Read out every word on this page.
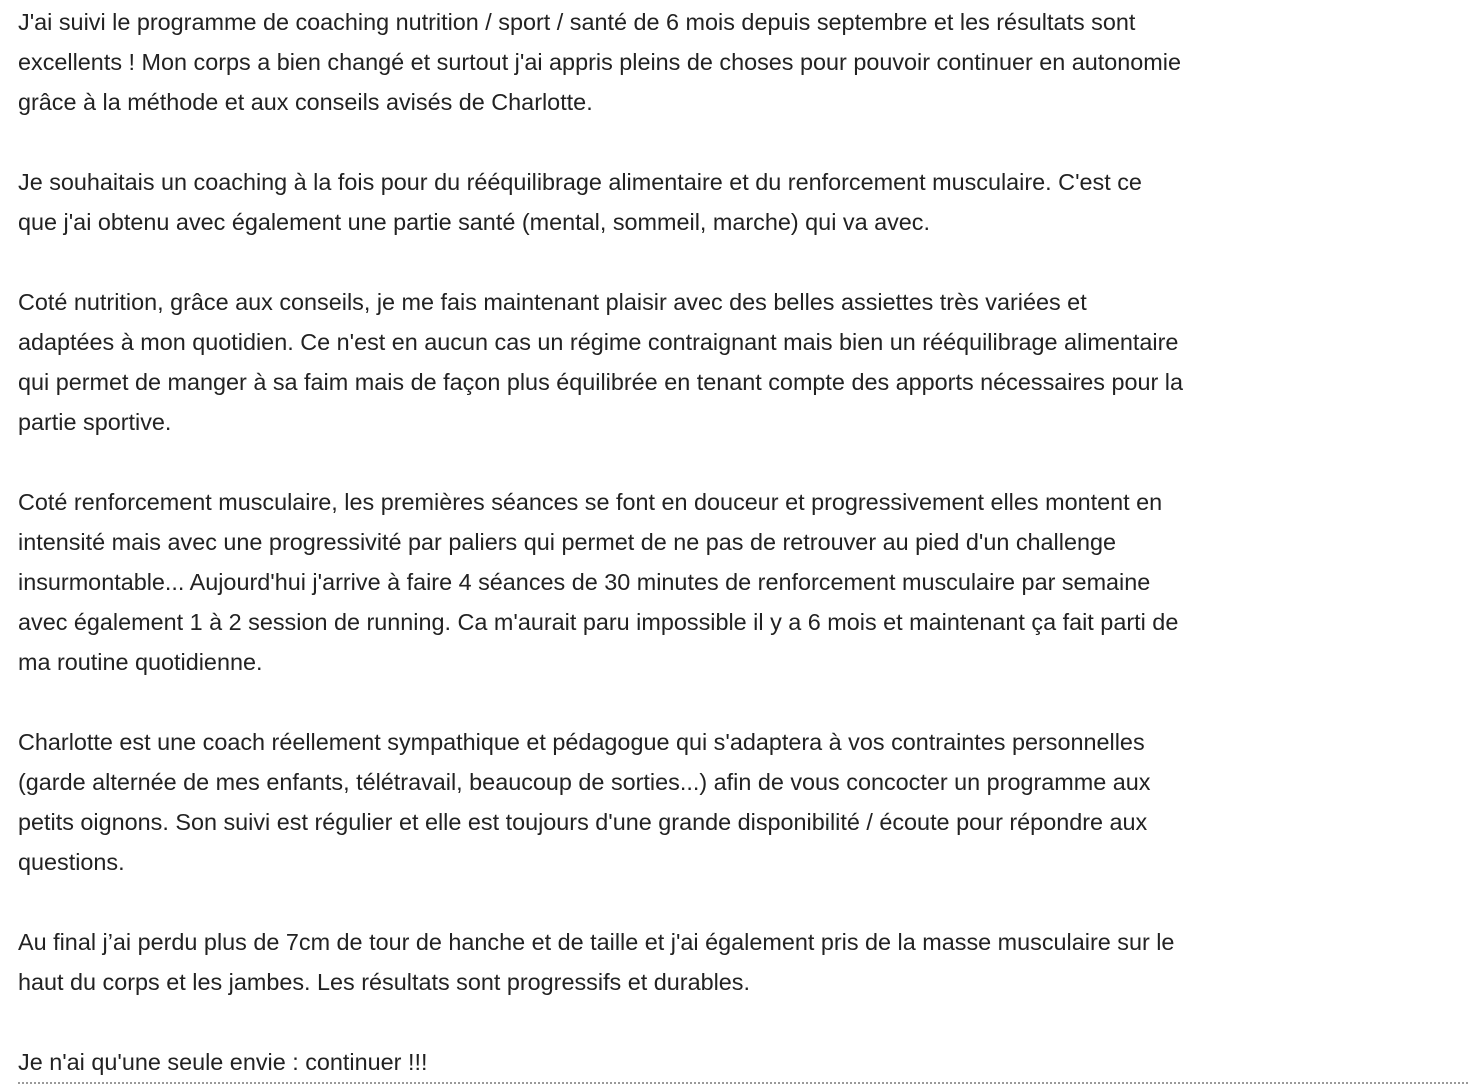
J'ai suivi le programme de coaching nutrition / sport / santé de 6 mois depuis septembre et les résultats sont
excellents ! Mon corps a bien changé et surtout j'ai appris pleins de choses pour pouvoir continuer en autonomie
grâce à la méthode et aux conseils avisés de Charlotte.

Je souhaitais un coaching à la fois pour du rééquilibrage alimentaire et du renforcement musculaire. C'est ce
que j'ai obtenu avec également une partie santé (mental, sommeil, marche) qui va avec.

Coté nutrition, grâce aux conseils, je me fais maintenant plaisir avec des belles assiettes très variées et
adaptées à mon quotidien. Ce n'est en aucun cas un régime contraignant mais bien un rééquilibrage alimentaire
qui permet de manger à sa faim mais de façon plus équilibrée en tenant compte des apports nécessaires pour la
partie sportive.

Coté renforcement musculaire, les premières séances se font en douceur et progressivement elles montent en
intensité mais avec une progressivité par paliers qui permet de ne pas de retrouver au pied d'un challenge
insurmontable... Aujourd'hui j'arrive à faire 4 séances de 30 minutes de renforcement musculaire par semaine
avec également 1 à 2 session de running. Ca m'aurait paru impossible il y a 6 mois et maintenant ça fait parti de
ma routine quotidienne.

Charlotte est une coach réellement sympathique et pédagogue qui s'adaptera à vos contraintes personnelles
(garde alternée de mes enfants, télétravail, beaucoup de sorties...) afin de vous concocter un programme aux
petits oignons. Son suivi est régulier et elle est toujours d'une grande disponibilité / écoute pour répondre aux
questions.

Au final j’ai perdu plus de 7cm de tour de hanche et de taille et j'ai également pris de la masse musculaire sur le
haut du corps et les jambes. Les résultats sont progressifs et durables.

Je n'ai qu'une seule envie : continuer !!!
